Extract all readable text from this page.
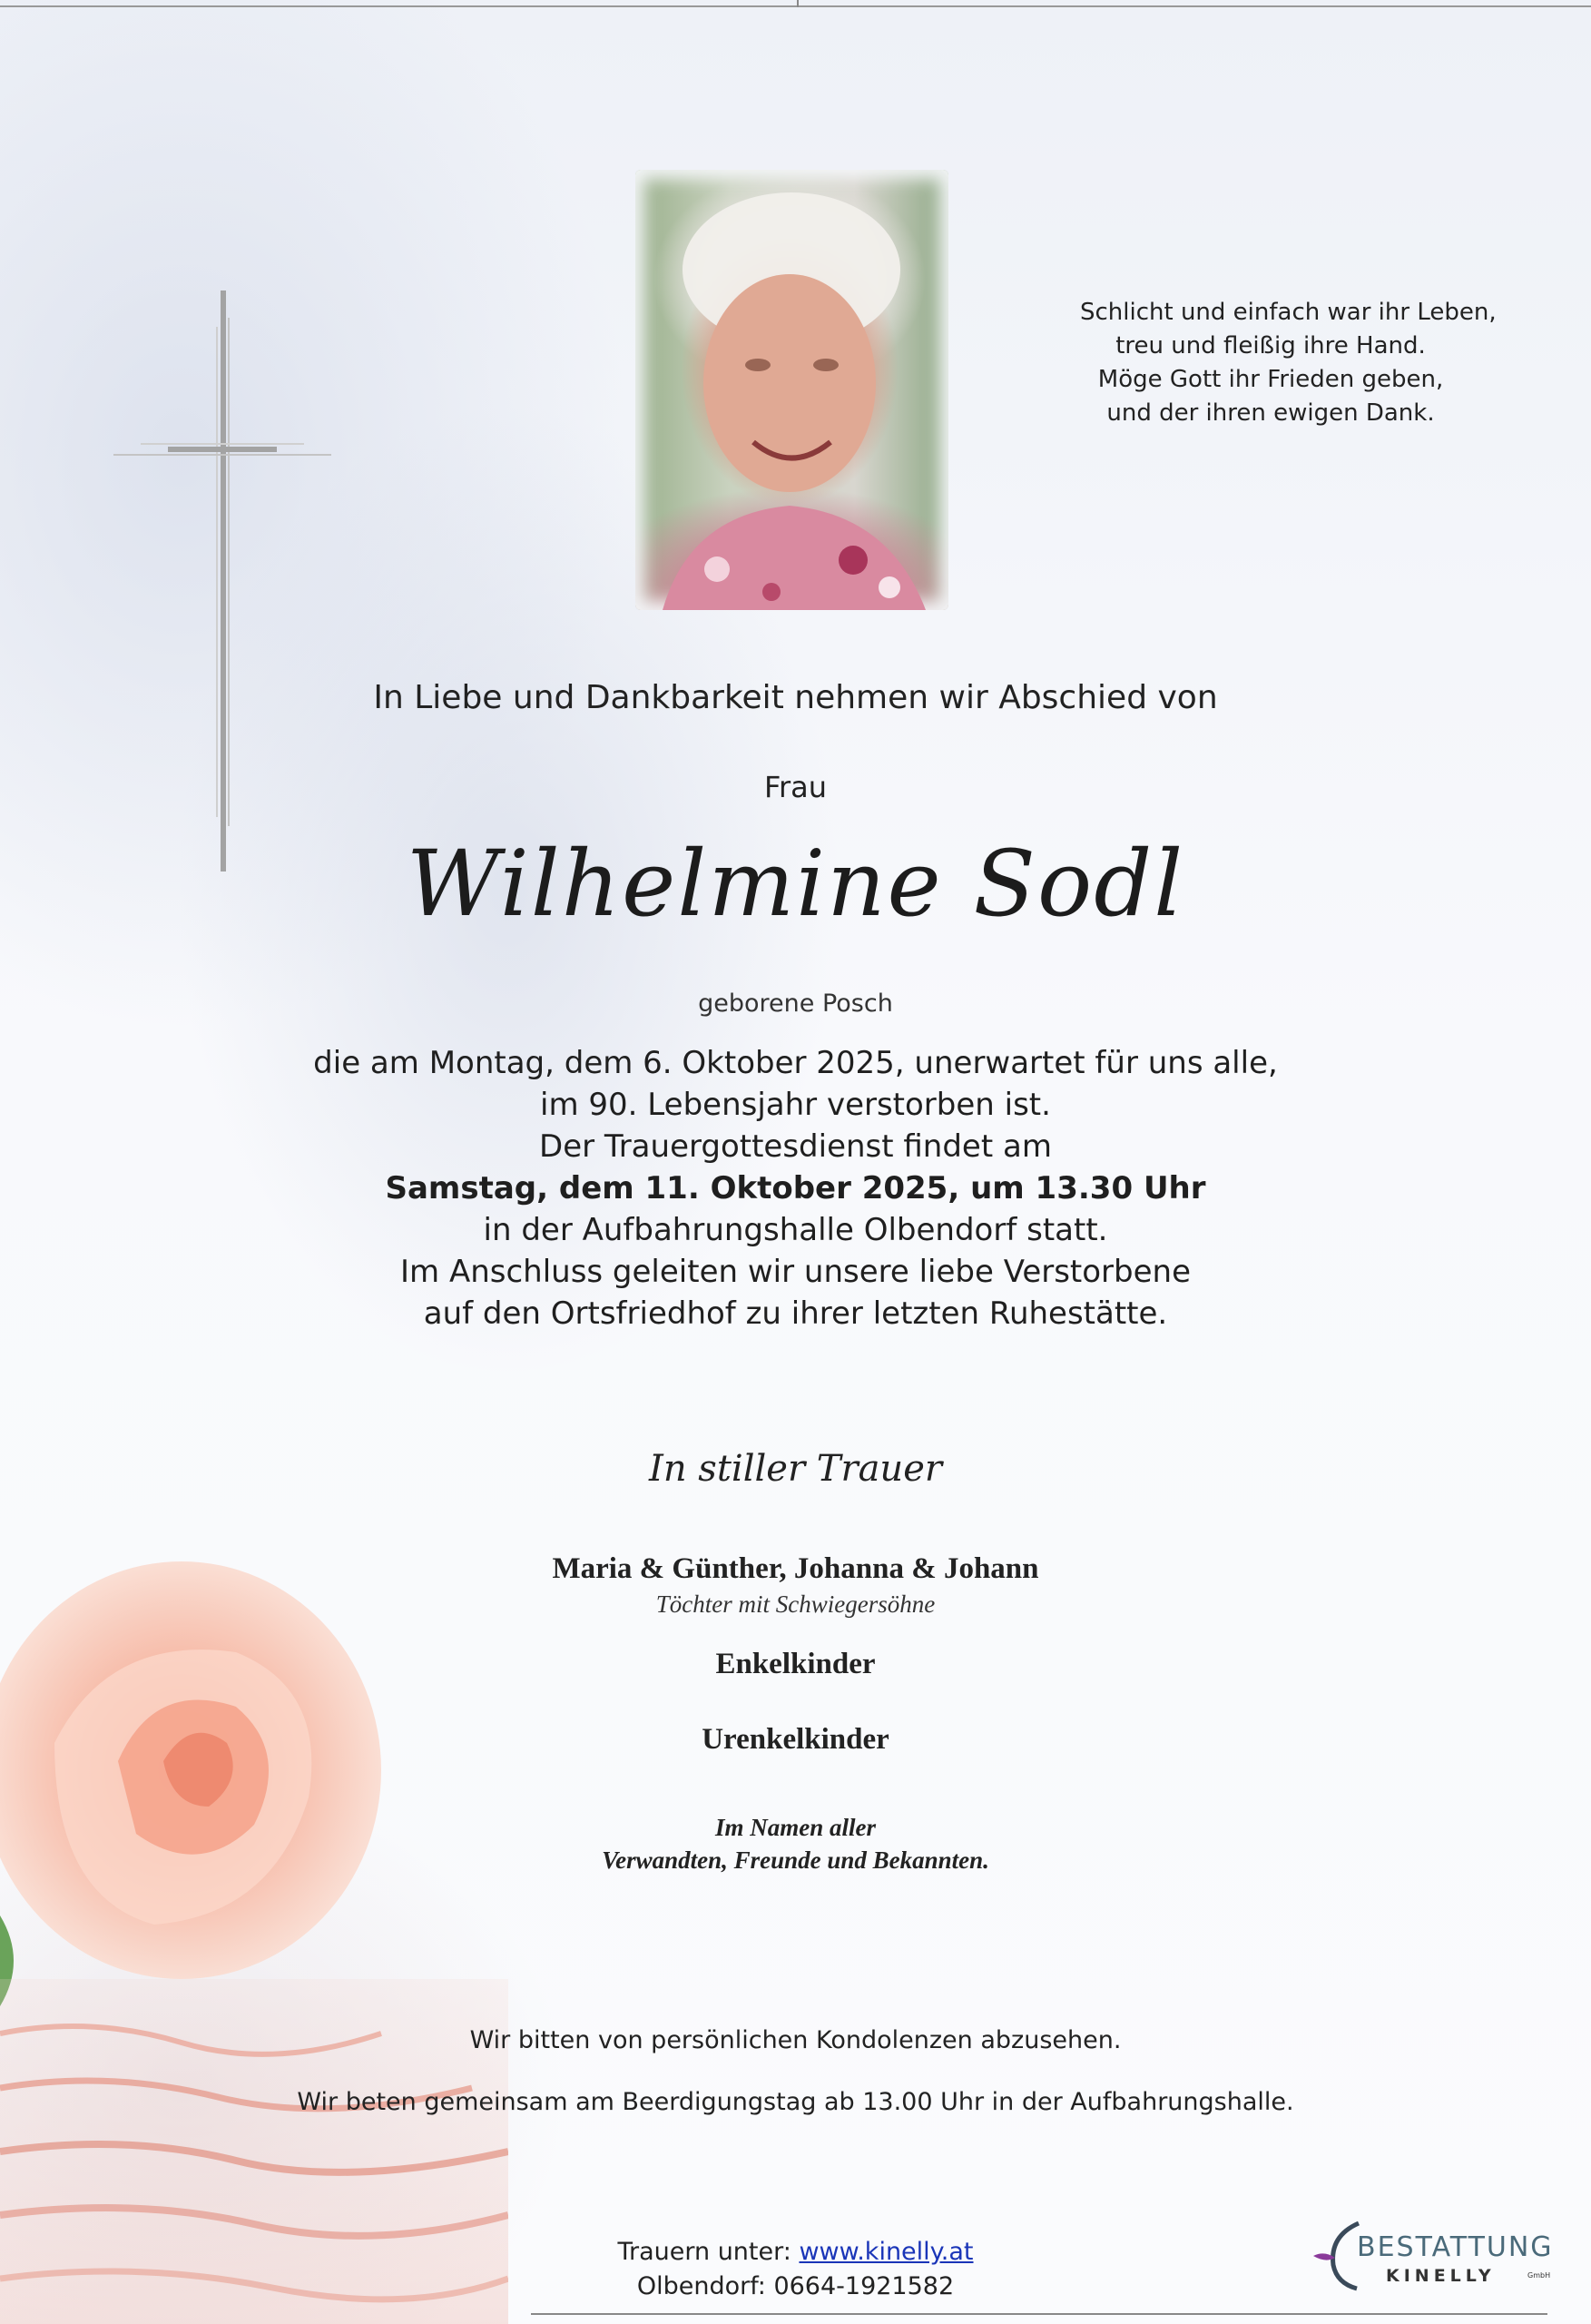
Schlicht und einfach war ihr Leben,
treu und fleißig ihre Hand.
Möge Gott ihr Frieden geben,
und der ihren ewigen Dank.
In Liebe und Dankbarkeit nehmen wir Abschied von
Frau
Wilhelmine Sodl
geborene Posch
die am Montag, dem 6. Oktober 2025, unerwartet für uns alle,
im 90. Lebensjahr verstorben ist.
Der Trauergottesdienst findet am
Samstag, dem 11. Oktober 2025, um 13.30 Uhr
in der Aufbahrungshalle Olbendorf statt.
Im Anschluss geleiten wir unsere liebe Verstorbene
auf den Ortsfriedhof zu ihrer letzten Ruhestätte.
In stiller Trauer
Maria & Günther, Johanna & Johann
Töchter mit Schwiegersöhne
Enkelkinder
Urenkelkinder
Im Namen aller
Verwandten, Freunde und Bekannten.
Wir bitten von persönlichen Kondolenzen abzusehen.
Wir beten gemeinsam am Beerdigungstag ab 13.00 Uhr in der Aufbahrungshalle.
Trauern unter: www.kinelly.at
Olbendorf: 0664-1921582
BESTATTUNG
KINELLY	GmbH
